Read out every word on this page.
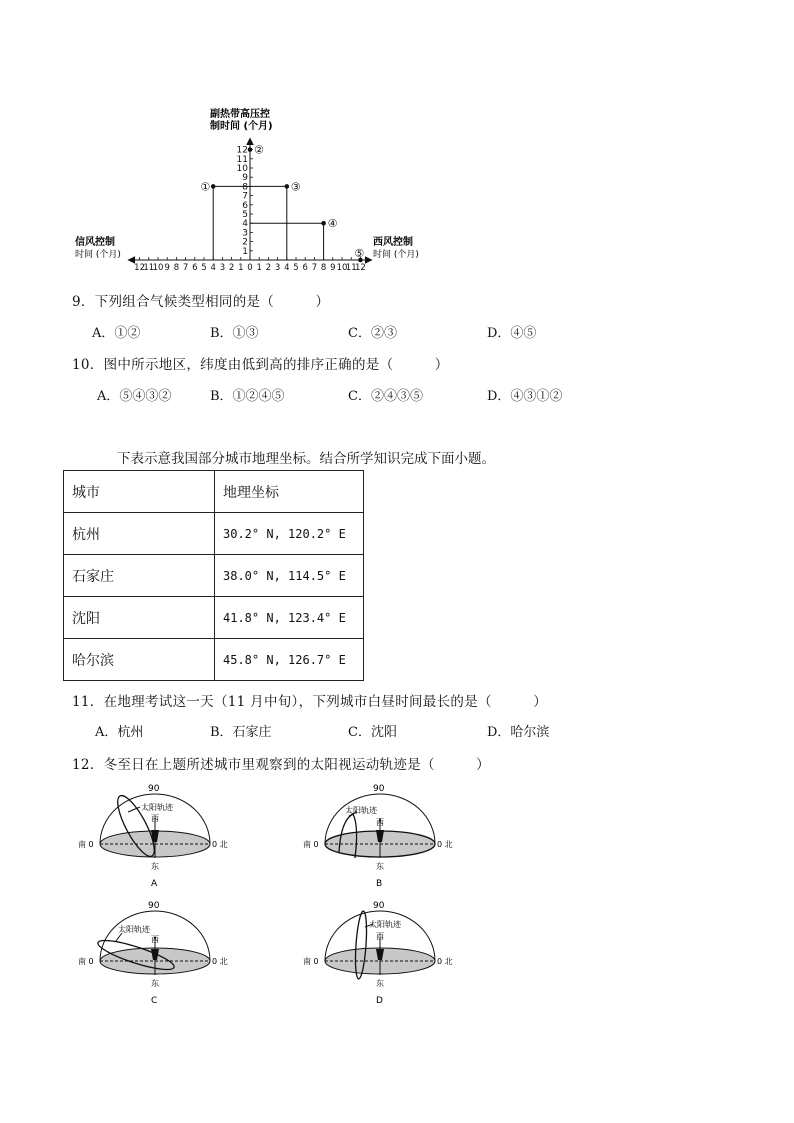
1
2
3
4
5
6
7
8
9
10
11
12
12
11
10 9 8 7 6 5 4 3 2 1 0 1 2 3 4 5 6 7 8 9 10
11
12
①
②
③
④
⑤
副热带高压控
制时间 (个月)
信风控制
时间 (个月)
西风控制
时间 (个月)
9．下列组合气候类型相同的是（　　　）
A．①②	B．①③	C．②③	D．④⑤
10．图中所示地区，纬度由低到高的排序正确的是（　　　）
A．⑤④③②	B．①②④⑤	C．②④③⑤	D．④③①②
下表示意我国部分城市地理坐标。结合所学知识完成下面小题。
城市	地理坐标
杭州	30.2° N, 120.2° E
石家庄	38.0° N, 114.5° E
沈阳	41.8° N, 123.4° E
哈尔滨	45.8° N, 126.7° E
11．在地理考试这一天（11 月中旬），下列城市白昼时间最长的是（　　　）
A．杭州	B．石家庄	C．沈阳	D．哈尔滨
12．冬至日在上题所述城市里观察到的太阳视运动轨迹是（　　　）
90
太阳轨迹
西
南 0	0 北
东
A
90
太阳轨迹
西
南 0	0 北
东
B
90
太阳轨迹
西
南 0	0 北
东
C
90
太阳轨迹
西
南 0	0 北
东
D
